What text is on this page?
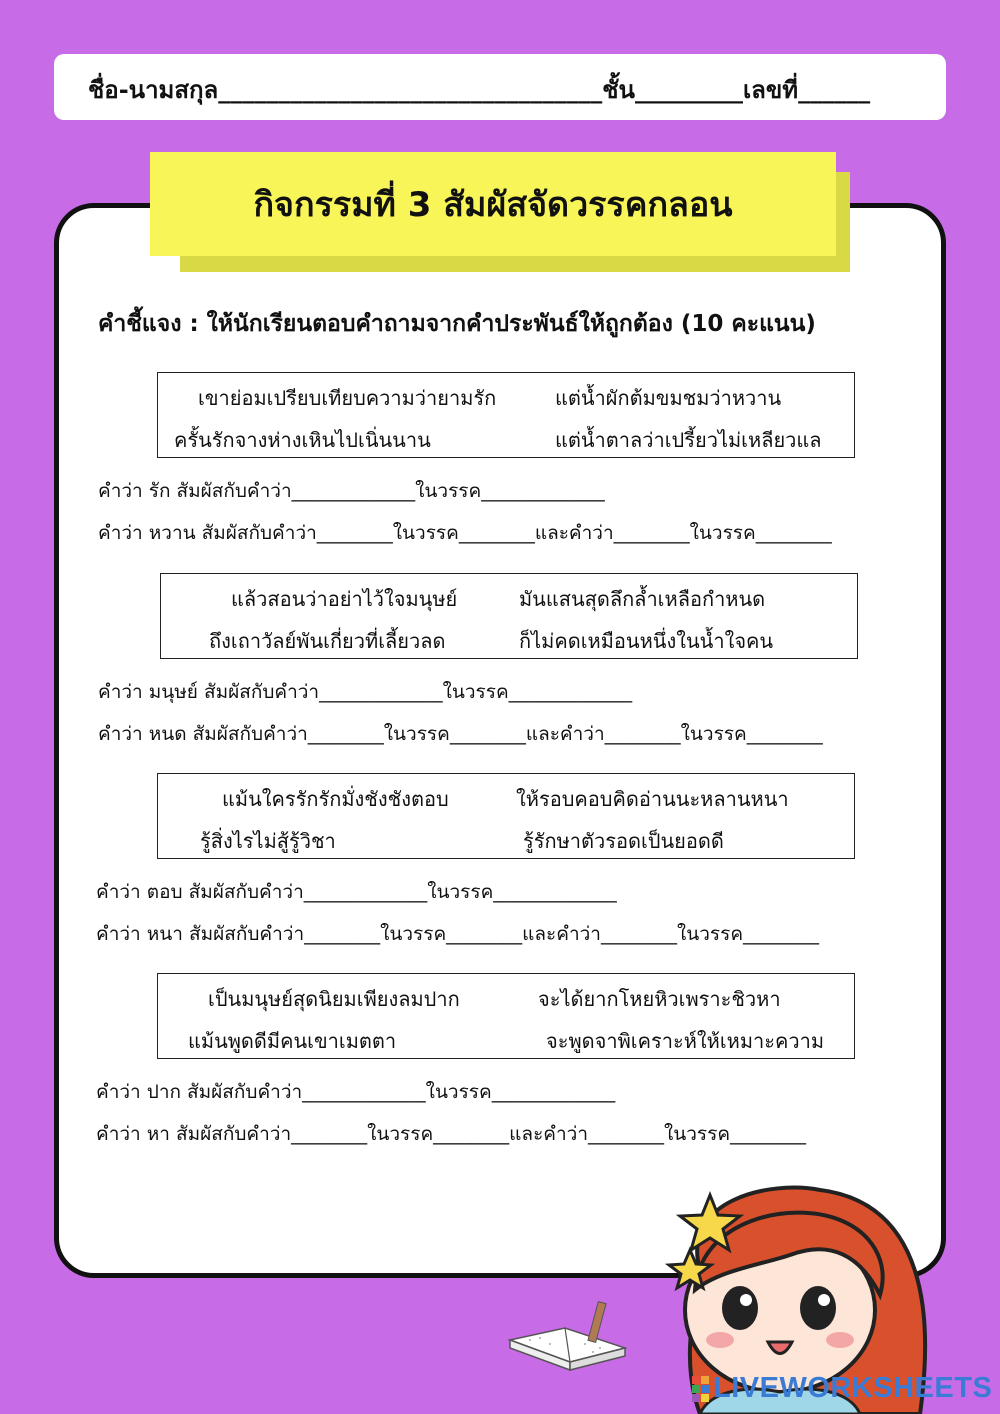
ชื่อ-นามสกุล________________________________ชั้น_________เลขที่______
กิจกรรมที่ 3 สัมผัสจัดวรรคกลอน
คำชี้แจง : ให้นักเรียนตอบคำถามจากคำประพันธ์ให้ถูกต้อง (10 คะแนน)
เขาย่อมเปรียบเทียบความว่ายามรัก	แต่น้ำผักต้มขมชมว่าหวาน
ครั้นรักจางห่างเหินไปเนิ่นนาน	แต่น้ำตาลว่าเปรี้ยวไม่เหลียวแล
คำว่า รัก สัมผัสกับคำว่า_____________ในวรรค_____________
คำว่า หวาน สัมผัสกับคำว่า________ในวรรค________และคำว่า________ในวรรค________
แล้วสอนว่าอย่าไว้ใจมนุษย์	มันแสนสุดลึกล้ำเหลือกำหนด
ถึงเถาวัลย์พันเกี่ยวที่เลี้ยวลด	ก็ไม่คดเหมือนหนึ่งในน้ำใจคน
คำว่า มนุษย์ สัมผัสกับคำว่า_____________ในวรรค_____________
คำว่า หนด สัมผัสกับคำว่า________ในวรรค________และคำว่า________ในวรรค________
แม้นใครรักรักมั่งชังชังตอบ	ให้รอบคอบคิดอ่านนะหลานหนา
รู้สิ่งไรไม่สู้รู้วิชา	รู้รักษาตัวรอดเป็นยอดดี
คำว่า ตอบ สัมผัสกับคำว่า_____________ในวรรค_____________
คำว่า หนา สัมผัสกับคำว่า________ในวรรค________และคำว่า________ในวรรค________
เป็นมนุษย์สุดนิยมเพียงลมปาก	จะได้ยากโหยหิวเพราะชิวหา
แม้นพูดดีมีคนเขาเมตตา	จะพูดจาพิเคราะห์ให้เหมาะความ
คำว่า ปาก สัมผัสกับคำว่า_____________ในวรรค_____________
คำว่า หา สัมผัสกับคำว่า________ในวรรค________และคำว่า________ในวรรค________
LIVEWORKSHEETS
